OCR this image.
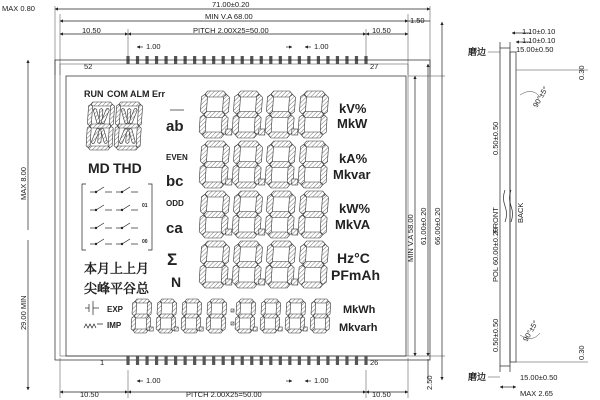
MAX 0.80	71.00±0.20
MIN V.A 68.00	1.50
10.50	PITCH 2.00X25=50.00	10.50
1.00	1.00
52	27
RUN COM ALM Err
MD THD
01
00
本月上上月
尖峰平谷总
ab
EVEN
bc
ODD
ca
Σ
N
kV%
MkW
kA%
Mkvar
kW%
MkVA
Hz°C
PFmAh
MkWh
Mkvarh
EXP
IMP
1	26
1.00	1.00
10.50	PITCH 2.00X25=50.00	10.50
2.50
MAX 8.00
29.00 MIN
MIN V.A 58.00 61.00±0.20 66.00±0.20
磨边
磨边
1.10±0.10
1.10±0.10
15.00±0.50
0.30
90°±5°
0.50±0.50
POL 60.00±0.20
FRONT BACK
0.50±0.50	90°±5°
0.30
15.00±0.50
MAX 2.65
